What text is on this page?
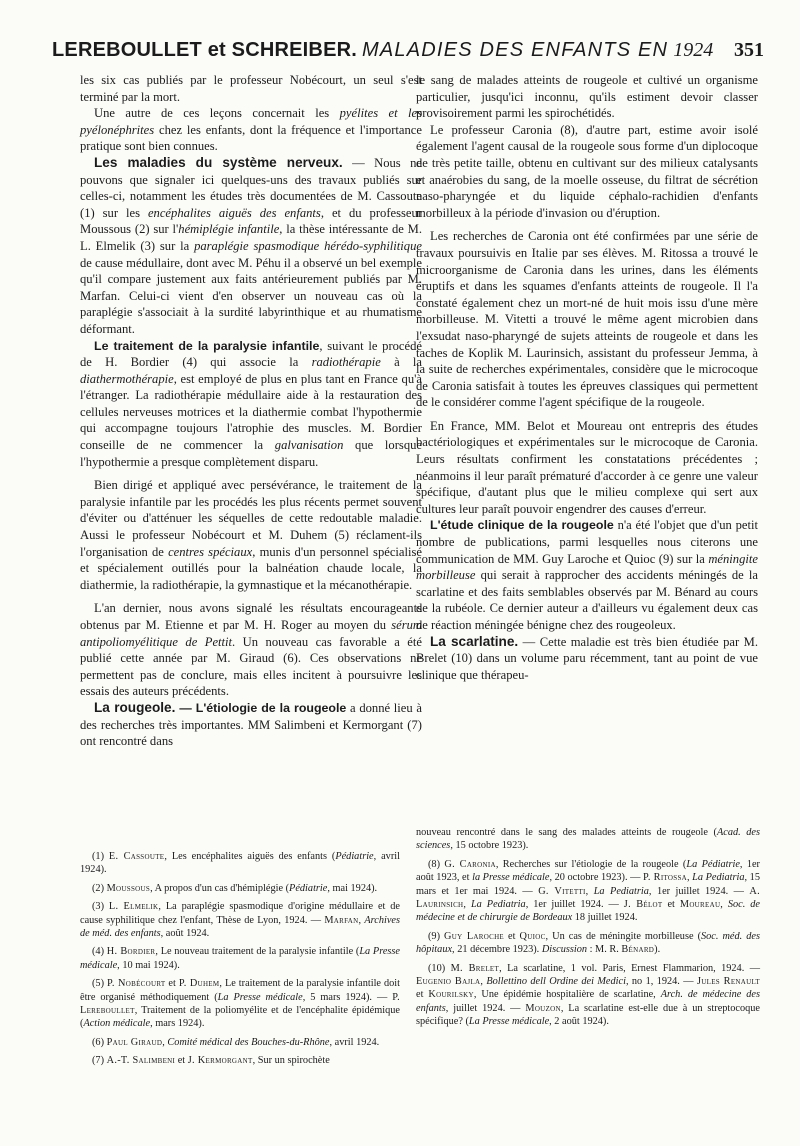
LEREBOULLET et SCHREIBER. MALADIES DES ENFANTS EN 1924 351

les six cas publiés par le professeur Nobécourt, un seul s'est terminé par la mort.

Une autre de ces leçons concernait les pyélites et les pyélonéphrites chez les enfants, dont la fréquence et l'importance pratique sont bien connues.

Les maladies du système nerveux. — Nous ne pouvons que signaler ici quelques-uns des travaux publiés sur celles-ci, notamment les études très documentées de M. Cassoute (1) sur les encéphalites aiguës des enfants, et du professeur Moussous (2) sur l'hémiplégie infantile, la thèse intéressante de M. L. Elmelik (3) sur la paraplégie spasmodique hérédo-syphilitique de cause médullaire, dont avec M. Péhu il a observé un bel exemple qu'il compare justement aux faits antérieurement publiés par M. Marfan. Celui-ci vient d'en observer un nouveau cas où la paraplégie s'associait à la surdité labyrinthique et au rhumatisme déformant.

Le traitement de la paralysie infantile, suivant le procédé de H. Bordier (4) qui associe la radiothérapie à la diathermothérapie, est employé de plus en plus tant en France qu'à l'étranger. La radiothérapie médullaire aide à la restauration des cellules nerveuses motrices et la diathermie combat l'hypothermie qui accompagne toujours l'atrophie des muscles. M. Bordier conseille de ne commencer la galvanisation que lorsque l'hypothermie a presque complètement disparu.

Bien dirigé et appliqué avec persévérance, le traitement de la paralysie infantile par les procédés les plus récents permet souvent d'éviter ou d'atténuer les séquelles de cette redoutable maladie. Aussi le professeur Nobécourt et M. Duhem (5) réclament-ils l'organisation de centres spéciaux, munis d'un personnel spécialisé et spécialement outillés pour la balnéation chaude locale, la diathermie, la radiothérapie, la gymnastique et la mécanothérapie.

L'an dernier, nous avons signalé les résultats encourageants obtenus par M. Etienne et par M. H. Roger au moyen du sérum antipoliomyélitique de Pettit. Un nouveau cas favorable a été publié cette année par M. Giraud (6). Ces observations ne permettent pas de conclure, mais elles incitent à poursuivre les essais des auteurs précédents.

La rougeole. — L'étiologie de la rougeole a donné lieu à des recherches très importantes. MM Salimbeni et Kermorgant (7) ont rencontré dans

le sang de malades atteints de rougeole et cultivé un organisme particulier, jusqu'ici inconnu, qu'ils estiment devoir classer provisoirement parmi les spirochétidés.

Le professeur Caronia (8), d'autre part, estime avoir isolé également l'agent causal de la rougeole sous forme d'un diplocoque de très petite taille, obtenu en cultivant sur des milieux catalysants et anaérobies du sang, de la moelle osseuse, du filtrat de sécrétion naso-pharyngée et du liquide céphalo-rachidien d'enfants morbilleux à la période d'invasion ou d'éruption.

Les recherches de Caronia ont été confirmées par une série de travaux poursuivis en Italie par ses élèves. M. Ritossa a trouvé le microorganisme de Caronia dans les urines, dans les éléments éruptifs et dans les squames d'enfants atteints de rougeole. Il l'a constaté également chez un mort-né de huit mois issu d'une mère morbilleuse. M. Vitetti a trouvé le même agent microbien dans l'exsudat naso-pharyngé de sujets atteints de rougeole et dans les taches de Koplik M. Laurinsich, assistant du professeur Jemma, à la suite de recherches expérimentales, considère que le microcoque de Caronia satisfait à toutes les épreuves classiques qui permettent de le considérer comme l'agent spécifique de la rougeole.

En France, MM. Belot et Moureau ont entrepris des études bactériologiques et expérimentales sur le microcoque de Caronia. Leurs résultats confirment les constatations précédentes ; néanmoins il leur paraît prématuré d'accorder à ce genre une valeur spécifique, d'autant plus que le milieu complexe qui sert aux cultures leur paraît pouvoir engendrer des causes d'erreur.

L'étude clinique de la rougeole n'a été l'objet que d'un petit nombre de publications, parmi lesquelles nous citerons une communication de MM. Guy Laroche et Quioc (9) sur la méningite morbilleuse qui serait à rapprocher des accidents méningés de la scarlatine et des faits semblables observés par M. Bénard au cours de la rubéole. Ce dernier auteur a d'ailleurs vu également deux cas de réaction méningée bénigne chez des rougeoleux.

La scarlatine. — Cette maladie est très bien étudiée par M. Brelet (10) dans un volume paru récemment, tant au point de vue clinique que thérapeu-

(1) E. Cassoute, Les encéphalites aiguës des enfants (Pédiatrie, avril 1924).

(2) Moussous, A propos d'un cas d'hémiplégie (Pédiatrie, mai 1924).

(3) L. Elmelik, La paraplégie spasmodique d'origine médullaire et de cause syphilitique chez l'enfant, Thèse de Lyon, 1924. — Marfan, Archives de méd. des enfants, août 1924.

(4) H. Bordier, Le nouveau traitement de la paralysie infantile (La Presse médicale, 10 mai 1924).

(5) P. Nobécourt et P. Duhem, Le traitement de la paralysie infantile doit être organisé méthodiquement (La Presse médicale, 5 mars 1924). — P. Lereboullet, Traitement de la poliomyélite et de l'encéphalite épidémique (Action médicale, mars 1924).

(6) Paul Giraud, Comité médical des Bouches-du-Rhône, avril 1924.

(7) A.-T. Salimbeni et J. Kermorgant, Sur un spirochète

nouveau rencontré dans le sang des malades atteints de rougeole (Acad. des sciences, 15 octobre 1923).

(8) G. Caronia, Recherches sur l'étiologie de la rougeole (La Pédiatrie, 1er août 1923, et la Presse médicale, 20 octobre 1923). — P. Ritossa, La Pediatria, 15 mars et 1er mai 1924. — G. Vitetti, La Pediatria, 1er juillet 1924. — A. Laurinsich, La Pediatria, 1er juillet 1924. — J. Bélot et Moureau, Soc. de médecine et de chirurgie de Bordeaux 18 juillet 1924.

(9) Guy Laroche et Quioc, Un cas de méningite morbilleuse (Soc. méd. des hôpitaux, 21 décembre 1923). Discussion : M. R. Bénard).

(10) M. Brelet, La scarlatine, 1 vol. Paris, Ernest Flammarion, 1924. — Eugenio Bajla, Bollettino dell Ordine dei Medici, no 1, 1924. — Jules Renault et Kourilsky, Une épidémie hospitalière de scarlatine, Arch. de médecine des enfants, juillet 1924. — Mouzon, La scarlatine est-elle due à un streptocoque spécifique? (La Presse médicale, 2 août 1924).
